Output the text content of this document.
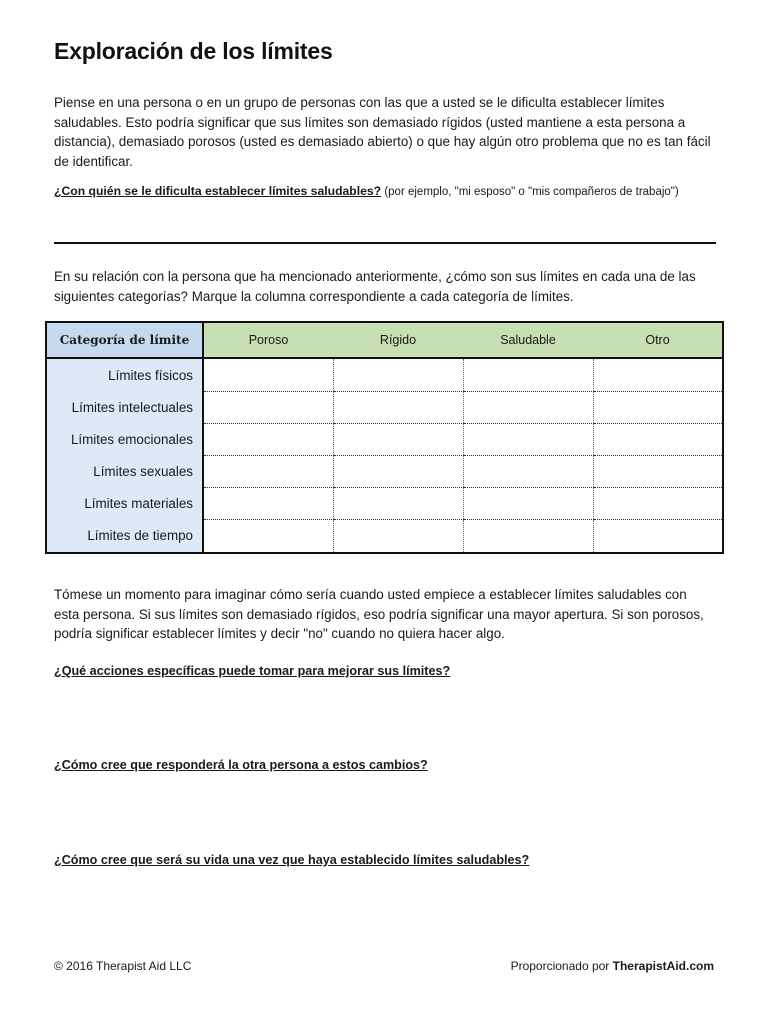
Exploración de los límites

Piense en una persona o en un grupo de personas con las que a usted se le dificulta establecer límites saludables. Esto podría significar que sus límites son demasiado rígidos (usted mantiene a esta persona a distancia), demasiado porosos (usted es demasiado abierto) o que hay algún otro problema que no es tan fácil de identificar.

¿Con quién se le dificulta establecer límites saludables? (por ejemplo, "mi esposo" o "mis compañeros de trabajo")

En su relación con la persona que ha mencionado anteriormente, ¿cómo son sus límites en cada una de las siguientes categorías? Marque la columna correspondiente a cada categoría de límites.

Categoría de límite	Poroso	Rígido	Saludable	Otro
Límites físicos				
Límites intelectuales				
Límites emocionales				
Límites sexuales				
Límites materiales				
Límites de tiempo				

Tómese un momento para imaginar cómo sería cuando usted empiece a establecer límites saludables con esta persona. Si sus límites son demasiado rígidos, eso podría significar una mayor apertura. Si son porosos, podría significar establecer límites y decir "no" cuando no quiera hacer algo.

¿Qué acciones específicas puede tomar para mejorar sus límites?

¿Cómo cree que responderá la otra persona a estos cambios?

¿Cómo cree que será su vida una vez que haya establecido límites saludables?

© 2016 Therapist Aid LLC	Proporcionado por TherapistAid.com
